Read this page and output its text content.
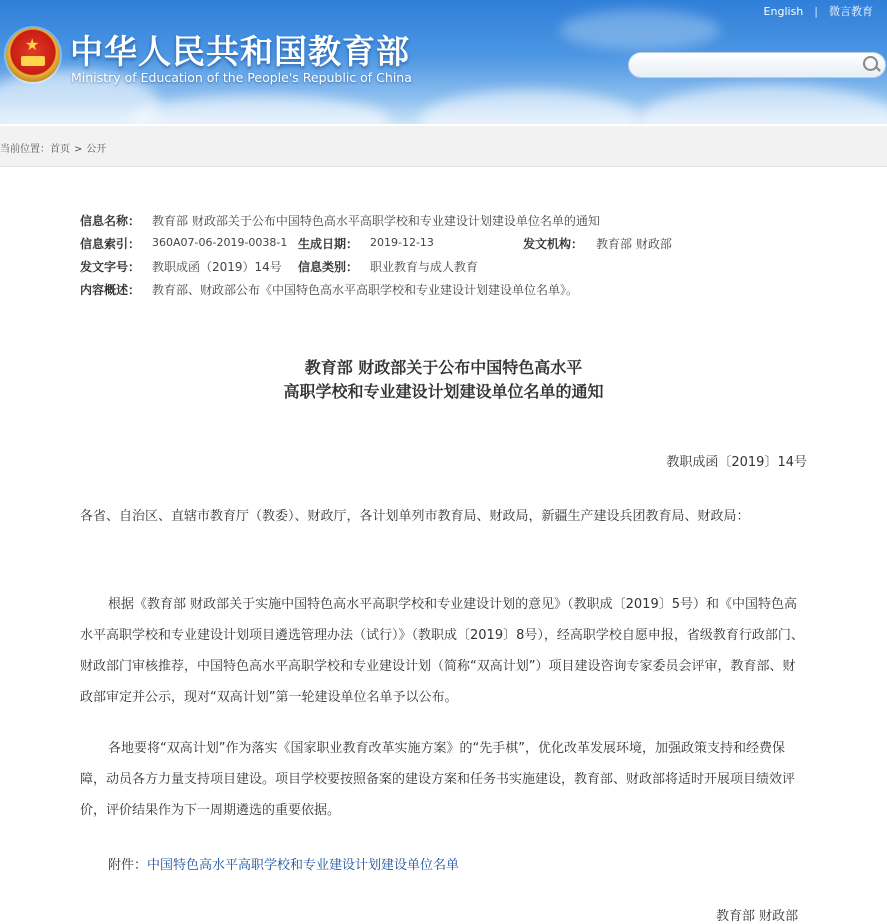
★ 中华人民共和国教育部
Ministry of Education of the People's Republic of China
English | 微言教育
当前位置：首页 > 公开
信息名称： 教育部 财政部关于公布中国特色高水平高职学校和专业建设计划建设单位名单的通知
信息索引： 360A07-06-2019-0038-1 生成日期： 2019-12-13	发文机构： 教育部 财政部
发文字号： 教职成函（2019）14号 信息类别： 职业教育与成人教育
内容概述： 教育部、财政部公布《中国特色高水平高职学校和专业建设计划建设单位名单》。
教育部 财政部关于公布中国特色高水平
高职学校和专业建设计划建设单位名单的通知
教职成函〔2019〕14号
各省、自治区、直辖市教育厅（教委）、财政厅，各计划单列市教育局、财政局，新疆生产建设兵团教育局、财政局：
根据《教育部 财政部关于实施中国特色高水平高职学校和专业建设计划的意见》（教职成〔2019〕5号）和《中国特色高水平高职学校和专业建设计划项目遴选管理办法（试行）》（教职成〔2019〕8号），经高职学校自愿申报，省级教育行政部门、财政部门审核推荐，中国特色高水平高职学校和专业建设计划（简称“双高计划”）项目建设咨询专家委员会评审，教育部、财政部审定并公示，现对“双高计划”第一轮建设单位名单予以公布。
各地要将“双高计划”作为落实《国家职业教育改革实施方案》的“先手棋”，优化改革发展环境，加强政策支持和经费保障，动员各方力量支持项目建设。项目学校要按照备案的建设方案和任务书实施建设，教育部、财政部将适时开展项目绩效评价，评价结果作为下一周期遴选的重要依据。
附件：中国特色高水平高职学校和专业建设计划建设单位名单
教育部 财政部
